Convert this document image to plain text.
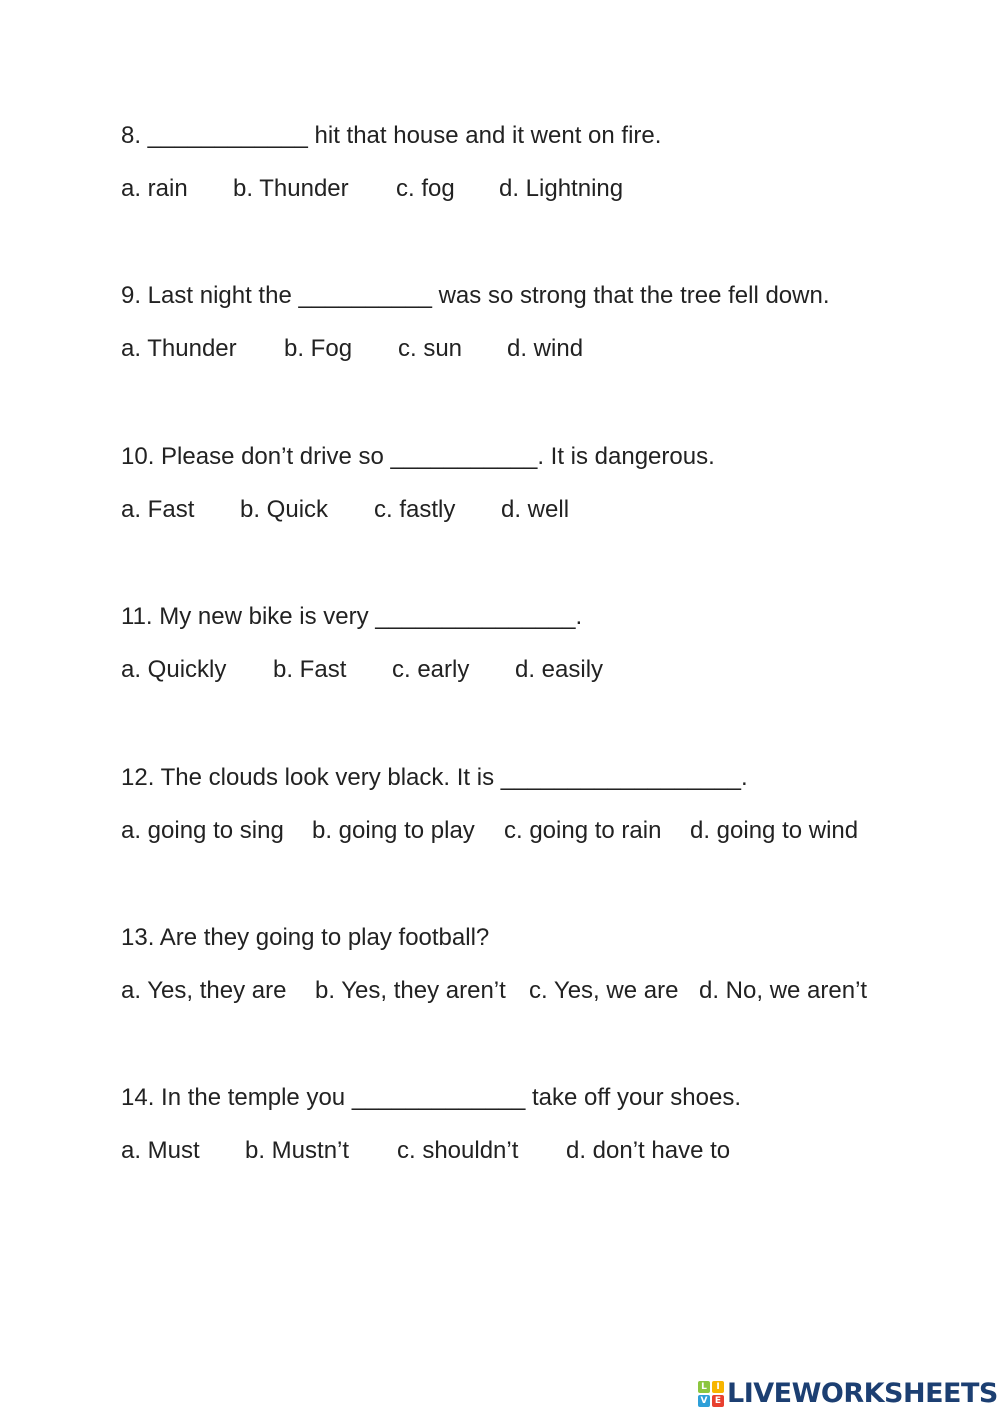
8. ____________ hit that house and it went on fire.
a. rain	b. Thunder	c. fog	d. Lightning
9. Last night the __________ was so strong that the tree fell down.
a. Thunder	b. Fog	c. sun	d. wind
10. Please don’t drive so ___________. It is dangerous.
a. Fast	b. Quick	c. fastly	d. well
11. My new bike is very _______________.
a. Quickly	b. Fast	c. early	d. easily
12. The clouds look very black. It is __________________.
a. going to sing	b. going to play	c. going to rain	d. going to wind
13. Are they going to play football?
a. Yes, they are	b. Yes, they aren’t c. Yes, we are d. No, we aren’t
14. In the temple you _____________ take off your shoes.
a. Must	b. Mustn’t	c. shouldn’t	d. don’t have to
L	I
V E LIVEWORKSHEETS
